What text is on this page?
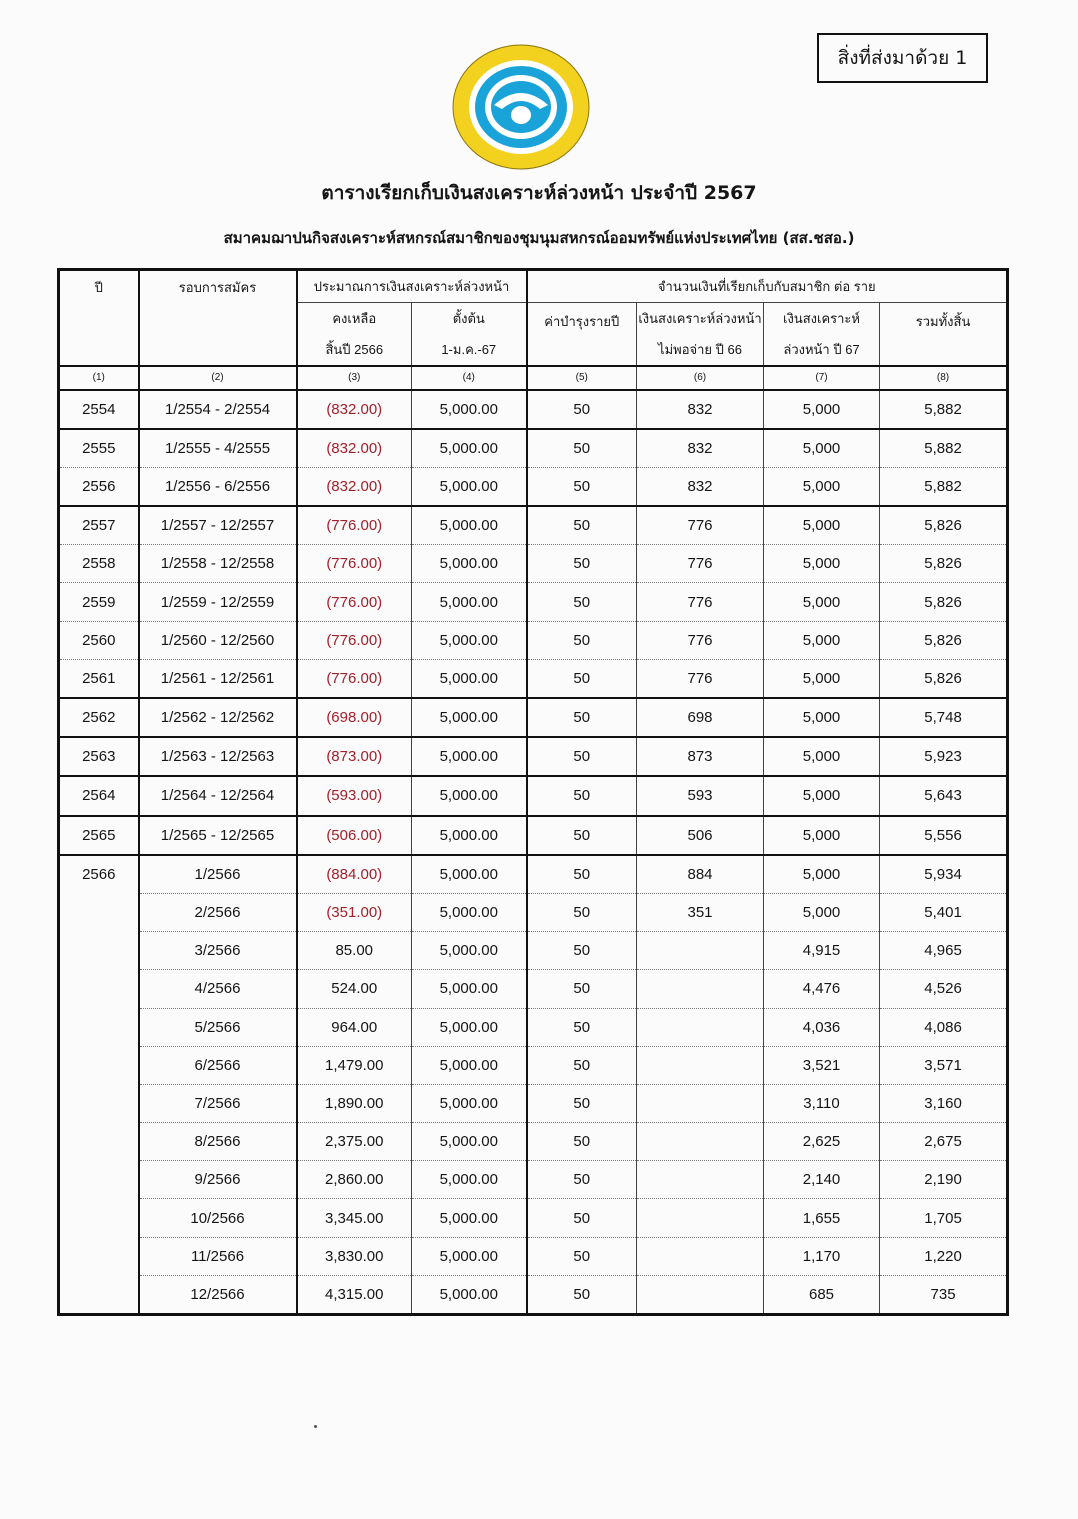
สิ่งที่ส่งมาด้วย 1
ตารางเรียกเก็บเงินสงเคราะห์ล่วงหน้า ประจำปี 2567
สมาคมฌาปนกิจสงเคราะห์สหกรณ์สมาชิกของชุมนุมสหกรณ์ออมทรัพย์แห่งประเทศไทย (สส.ชสอ.)
ปี	รอบการสมัคร	ประมาณการเงินสงเคราะห์ล่วงหน้า		จำนวนเงินที่เรียกเก็บกับสมาชิก ต่อ ราย			
		คงเหลือ	ตั้งต้น	ค่าบำรุงรายปี	เงินสงเคราะห์ล่วงหน้า	เงินสงเคราะห์	รวมทั้งสิ้น
		สิ้นปี 2566	1-ม.ค.-67		ไม่พอจ่าย ปี 66	ล่วงหน้า ปี 67	
(1)	(2)	(3)	(4)	(5)	(6)	(7)	(8)
2554	1/2554 - 2/2554	(832.00)	5,000.00	50	832	5,000	5,882
2555	1/2555 - 4/2555	(832.00)	5,000.00	50	832	5,000	5,882
2556	1/2556 - 6/2556	(832.00)	5,000.00	50	832	5,000	5,882
2557	1/2557 - 12/2557	(776.00)	5,000.00	50	776	5,000	5,826
2558	1/2558 - 12/2558	(776.00)	5,000.00	50	776	5,000	5,826
2559	1/2559 - 12/2559	(776.00)	5,000.00	50	776	5,000	5,826
2560	1/2560 - 12/2560	(776.00)	5,000.00	50	776	5,000	5,826
2561	1/2561 - 12/2561	(776.00)	5,000.00	50	776	5,000	5,826
2562	1/2562 - 12/2562	(698.00)	5,000.00	50	698	5,000	5,748
2563	1/2563 - 12/2563	(873.00)	5,000.00	50	873	5,000	5,923
2564	1/2564 - 12/2564	(593.00)	5,000.00	50	593	5,000	5,643
2565	1/2565 - 12/2565	(506.00)	5,000.00	50	506	5,000	5,556
2566	1/2566	(884.00)	5,000.00	50	884	5,000	5,934
	2/2566	(351.00)	5,000.00	50	351	5,000	5,401
	3/2566	85.00	5,000.00	50		4,915	4,965
	4/2566	524.00	5,000.00	50		4,476	4,526
	5/2566	964.00	5,000.00	50		4,036	4,086
	6/2566	1,479.00	5,000.00	50		3,521	3,571
	7/2566	1,890.00	5,000.00	50		3,110	3,160
	8/2566	2,375.00	5,000.00	50		2,625	2,675
	9/2566	2,860.00	5,000.00	50		2,140	2,190
	10/2566	3,345.00	5,000.00	50		1,655	1,705
	11/2566	3,830.00	5,000.00	50		1,170	1,220
	12/2566	4,315.00	5,000.00	50		685	735
